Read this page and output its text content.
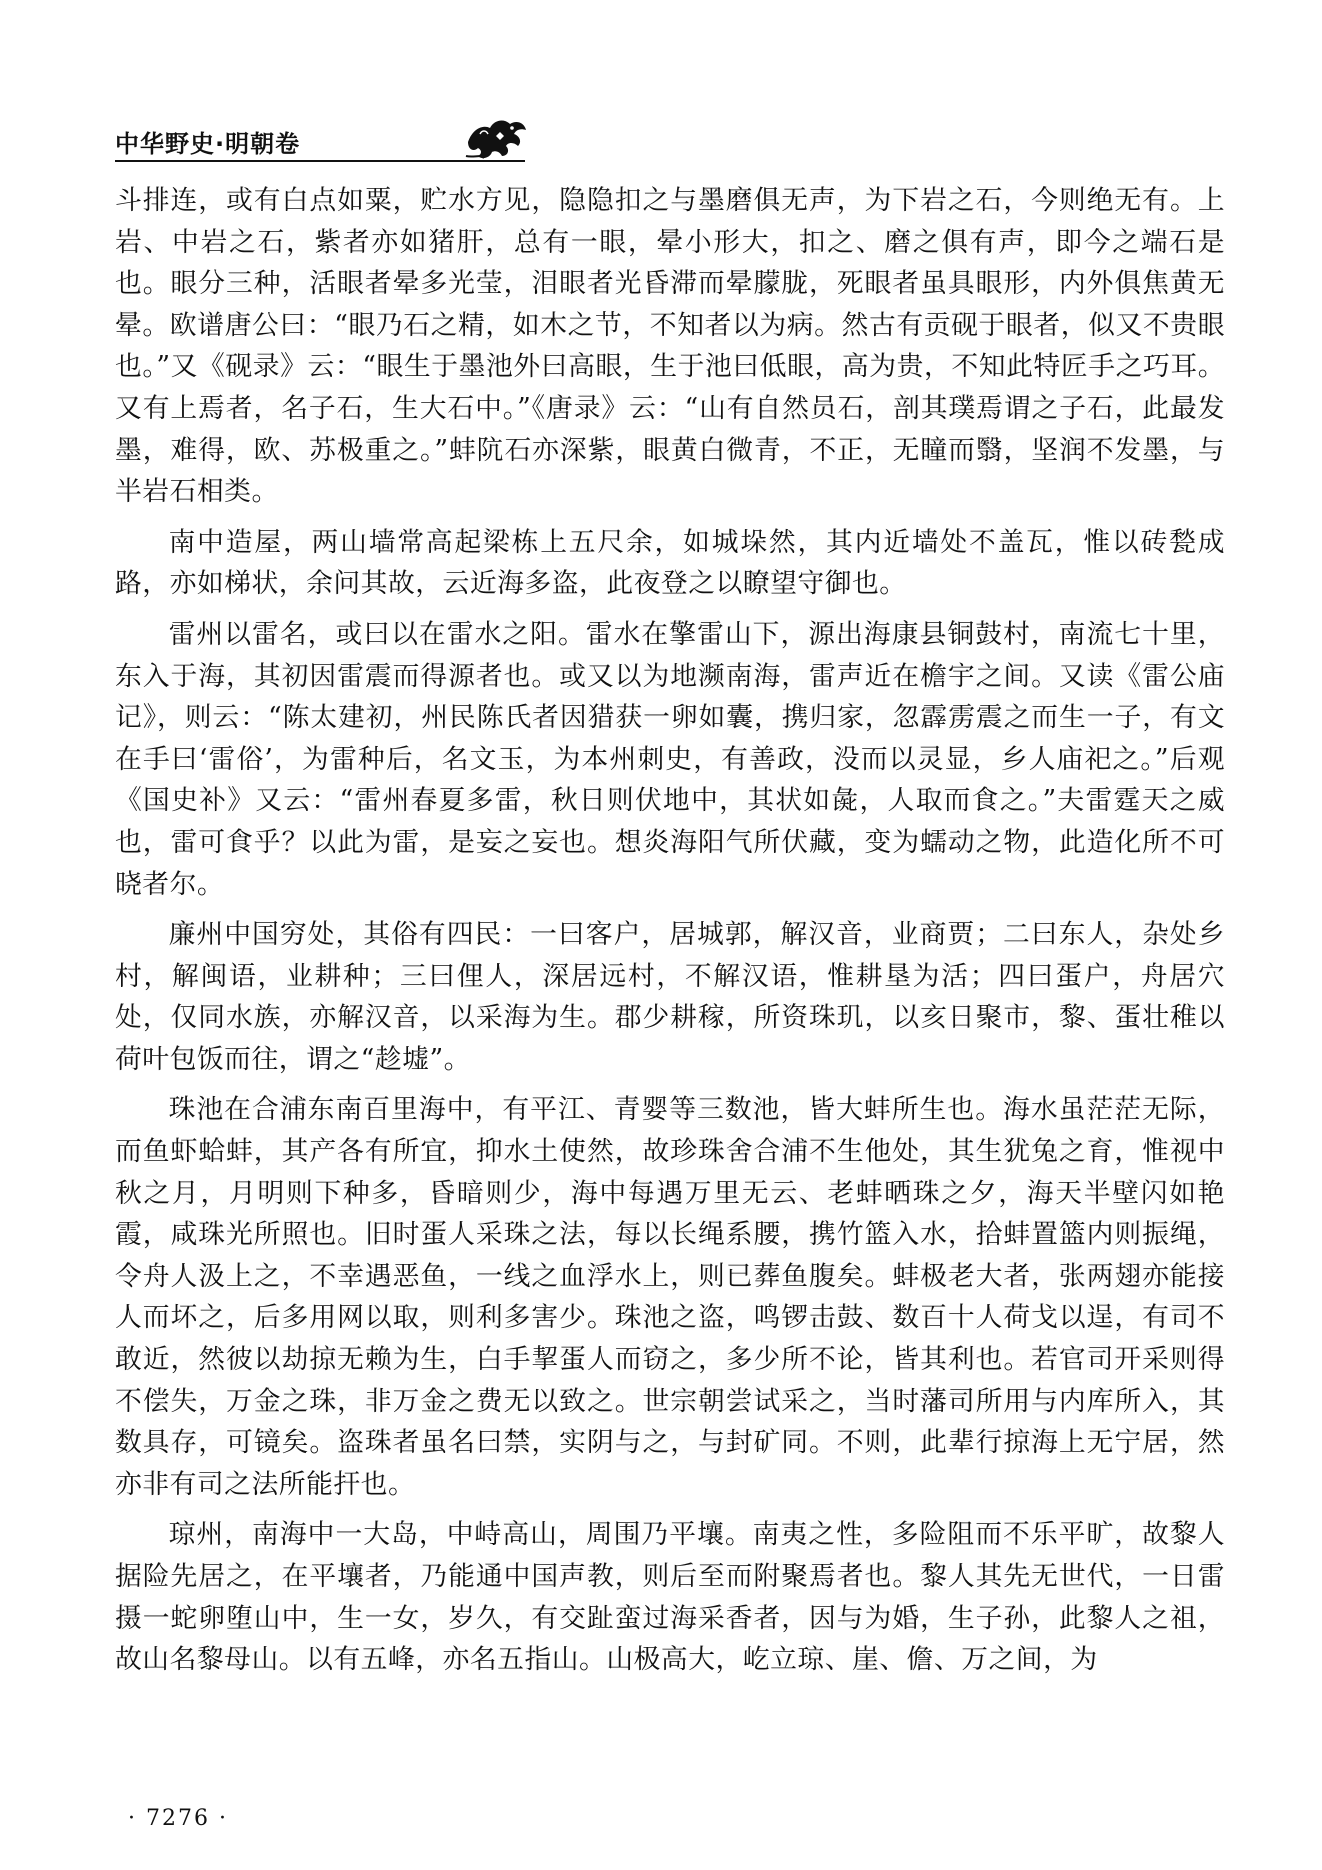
中华野史·明朝卷

斗排连，或有白点如粟，贮水方见，隐隐扣之与墨磨俱无声，为下岩之石，今则绝无有。上岩、中岩之石，紫者亦如猪肝，总有一眼，晕小形大，扣之、磨之俱有声，即今之端石是也。眼分三种，活眼者晕多光莹，泪眼者光昏滞而晕朦胧，死眼者虽具眼形，内外俱焦黄无晕。欧谱唐公曰：“眼乃石之精，如木之节，不知者以为病。然古有贡砚于眼者，似又不贵眼也。”又《砚录》云：“眼生于墨池外曰高眼，生于池曰低眼，高为贵，不知此特匠手之巧耳。又有上焉者，名子石，生大石中。”《唐录》云：“山有自然员石，剖其璞焉谓之子石，此最发墨，难得，欧、苏极重之。”蚌阬石亦深紫，眼黄白微青，不正，无瞳而翳，坚润不发墨，与半岩石相类。

南中造屋，两山墙常高起梁栋上五尺余，如城垛然，其内近墙处不盖瓦，惟以砖甃成路，亦如梯状，余问其故，云近海多盗，此夜登之以瞭望守御也。

雷州以雷名，或曰以在雷水之阳。雷水在擎雷山下，源出海康县铜鼓村，南流七十里，东入于海，其初因雷震而得源者也。或又以为地濒南海，雷声近在檐宇之间。又读《雷公庙记》，则云：“陈太建初，州民陈氏者因猎获一卵如囊，携归家，忽霹雳震之而生一子，有文在手曰‘雷俗’，为雷种后，名文玉，为本州刺史，有善政，没而以灵显，乡人庙祀之。”后观《国史补》又云：“雷州春夏多雷，秋日则伏地中，其状如彘，人取而食之。”夫雷霆天之威也，雷可食乎？以此为雷，是妄之妄也。想炎海阳气所伏藏，变为蠕动之物，此造化所不可晓者尔。

廉州中国穷处，其俗有四民：一曰客户，居城郭，解汉音，业商贾；二曰东人，杂处乡村，解闽语，业耕种；三曰俚人，深居远村，不解汉语，惟耕垦为活；四曰蛋户，舟居穴处，仅同水族，亦解汉音，以采海为生。郡少耕稼，所资珠玑，以亥日聚市，黎、蛋壮稚以荷叶包饭而往，谓之“趁墟”。

珠池在合浦东南百里海中，有平江、青婴等三数池，皆大蚌所生也。海水虽茫茫无际，而鱼虾蛤蚌，其产各有所宜，抑水土使然，故珍珠舍合浦不生他处，其生犹兔之育，惟视中秋之月，月明则下种多，昏暗则少，海中每遇万里无云、老蚌晒珠之夕，海天半壁闪如艳霞，咸珠光所照也。旧时蛋人采珠之法，每以长绳系腰，携竹篮入水，拾蚌置篮内则振绳，令舟人汲上之，不幸遇恶鱼，一线之血浮水上，则已葬鱼腹矣。蚌极老大者，张两翅亦能接人而坏之，后多用网以取，则利多害少。珠池之盗，鸣锣击鼓、数百十人荷戈以逞，有司不敢近，然彼以劫掠无赖为生，白手挈蛋人而窃之，多少所不论，皆其利也。若官司开采则得不偿失，万金之珠，非万金之费无以致之。世宗朝尝试采之，当时藩司所用与内库所入，其数具存，可镜矣。盗珠者虽名曰禁，实阴与之，与封矿同。不则，此辈行掠海上无宁居，然亦非有司之法所能扞也。

琼州，南海中一大岛，中峙高山，周围乃平壤。南夷之性，多险阻而不乐平旷，故黎人据险先居之，在平壤者，乃能通中国声教，则后至而附聚焉者也。黎人其先无世代，一日雷摄一蛇卵堕山中，生一女，岁久，有交趾蛮过海采香者，因与为婚，生子孙，此黎人之祖，故山名黎母山。以有五峰，亦名五指山。山极高大，屹立琼、崖、儋、万之间，为

· 7276 ·
